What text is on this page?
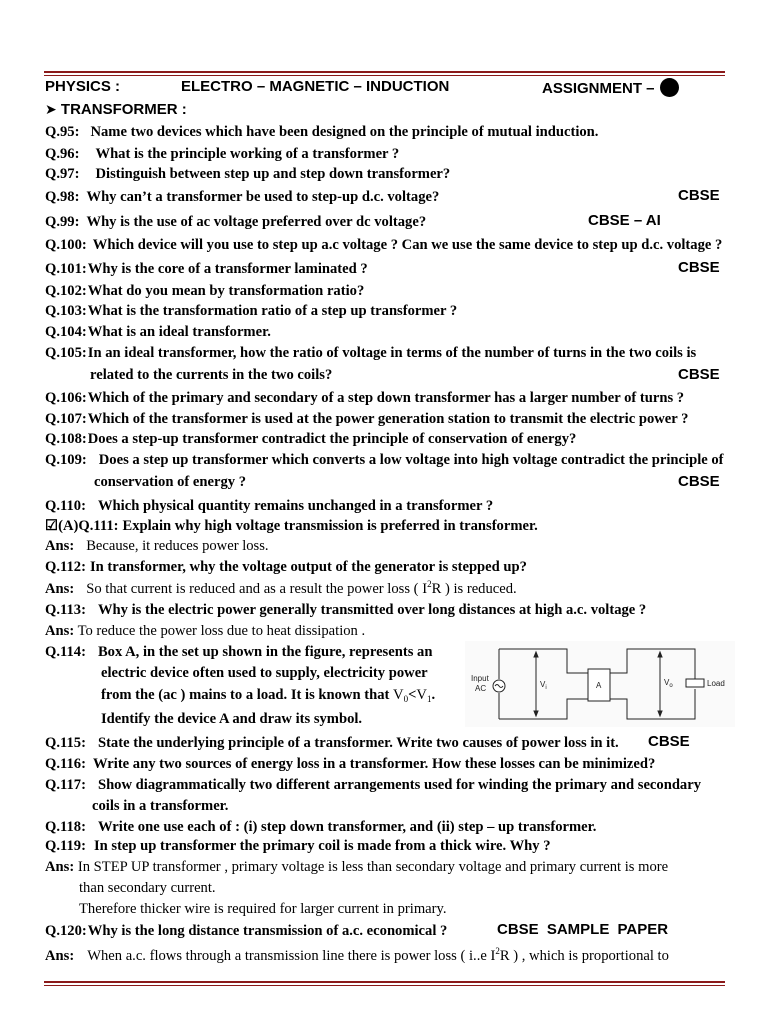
PHYSICS :	ELECTRO – MAGNETIC – INDUCTION	ASSIGNMENT –
➤ TRANSFORMER :
Q.95: Name two devices which have been designed on the principle of mutual induction.
Q.96: What is the principle working of a transformer ?
Q.97: Distinguish between step up and step down transformer?
Q.98: Why can’t a transformer be used to step-up d.c. voltage?	CBSE
Q.99: Why is the use of ac voltage preferred over dc voltage?	CBSE – AI
Q.100: Which device will you use to step up a.c voltage ? Can we use the same device to step up d.c. voltage ?
Q.101:Why is the core of a transformer laminated ?	CBSE
Q.102:What do you mean by transformation ratio?
Q.103:What is the transformation ratio of a step up transformer ?
Q.104:What is an ideal transformer.
Q.105:In an ideal transformer, how the ratio of voltage in terms of the number of turns in the two coils is
related to the currents in the two coils?	CBSE
Q.106:Which of the primary and secondary of a step down transformer has a larger number of turns ?
Q.107:Which of the transformer is used at the power generation station to transmit the electric power ?
Q.108:Does a step-up transformer contradict the principle of conservation of energy?
Q.109: Does a step up transformer which converts a low voltage into high voltage contradict the principle of
conservation of energy ?	CBSE
Q.110: Which physical quantity remains unchanged in a transformer ?
☑(A)Q.111: Explain why high voltage transmission is preferred in transformer.
Ans: Because, it reduces power loss.
Q.112: In transformer, why the voltage output of the generator is stepped up?
Ans: So that current is reduced and as a result the power loss ( $I^2R$ ) is reduced.
Q.113: Why is the electric power generally transmitted over long distances at high a.c. voltage ?
Ans: To reduce the power loss due to heat dissipation .
Q.114: Box A, in the set up shown in the figure, represents an
electric device often used to supply, electricity power
from the (ac ) mains to a load. It is known that $V_0<V_1$.
Identify the device A and draw its symbol.
Input
AC	$V_i$	A	$V_o$	Load
Q.115: State the underlying principle of a transformer. Write two causes of power loss in it. CBSE
Q.116: Write any two sources of energy loss in a transformer. How these losses can be minimized?
Q.117: Show diagrammatically two different arrangements used for winding the primary and secondary
coils in a transformer.
Q.118: Write one use each of : (i) step down transformer, and (ii) step – up transformer.
Q.119: In step up transformer the primary coil is made from a thick wire. Why ?
Ans: In STEP UP transformer , primary voltage is less than secondary voltage and primary current is more
than secondary current.
Therefore thicker wire is required for larger current in primary.
Q.120:Why is the long distance transmission of a.c. economical ?	CBSE SAMPLE PAPER
Ans: When a.c. flows through a transmission line there is power loss ( i..e $I^2R$ ) , which is proportional to
